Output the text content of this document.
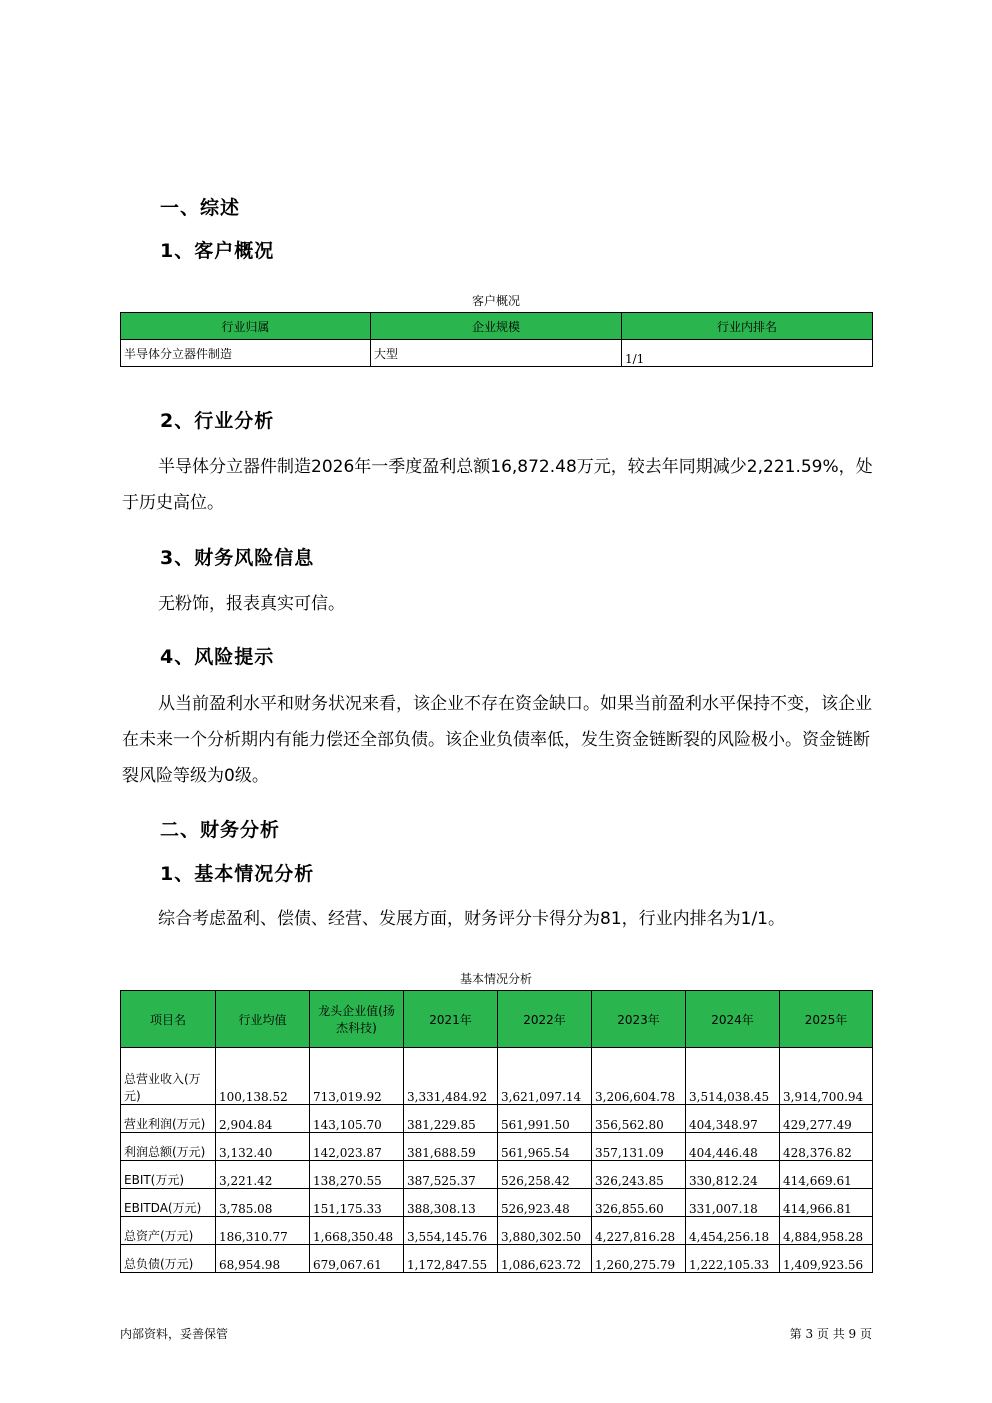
一、综述
1、客户概况
客户概况
行业归属	企业规模	行业内排名
半导体分立器件制造	大型	1/1
2、行业分析
半导体分立器件制造2026年一季度盈利总额16,872.48万元，较去年同期减少2,221.59%，处于历史高位。
3、财务风险信息
无粉饰，报表真实可信。
4、风险提示
从当前盈利水平和财务状况来看，该企业不存在资金缺口。如果当前盈利水平保持不变，该企业在未来一个分析期内有能力偿还全部负债。该企业负债率低，发生资金链断裂的风险极小。资金链断裂风险等级为0级。
二、财务分析
1、基本情况分析
综合考虑盈利、偿债、经营、发展方面，财务评分卡得分为81，行业内排名为1/1。
基本情况分析
项目名	行业均值	龙头企业值(扬杰科技)	2021年	2022年	2023年	2024年	2025年
总营业收入(万元)	100,138.52	713,019.92	3,331,484.92	3,621,097.14	3,206,604.78	3,514,038.45	3,914,700.94
营业利润(万元)	2,904.84	143,105.70	381,229.85	561,991.50	356,562.80	404,348.97	429,277.49
利润总额(万元)	3,132.40	142,023.87	381,688.59	561,965.54	357,131.09	404,446.48	428,376.82
EBIT(万元)	3,221.42	138,270.55	387,525.37	526,258.42	326,243.85	330,812.24	414,669.61
EBITDA(万元)	3,785.08	151,175.33	388,308.13	526,923.48	326,855.60	331,007.18	414,966.81
总资产(万元)	186,310.77	1,668,350.48	3,554,145.76	3,880,302.50	4,227,816.28	4,454,256.18	4,884,958.28
总负债(万元)	68,954.98	679,067.61	1,172,847.55	1,086,623.72	1,260,275.79	1,222,105.33	1,409,923.56
内部资料，妥善保管	第 3 页 共 9 页
